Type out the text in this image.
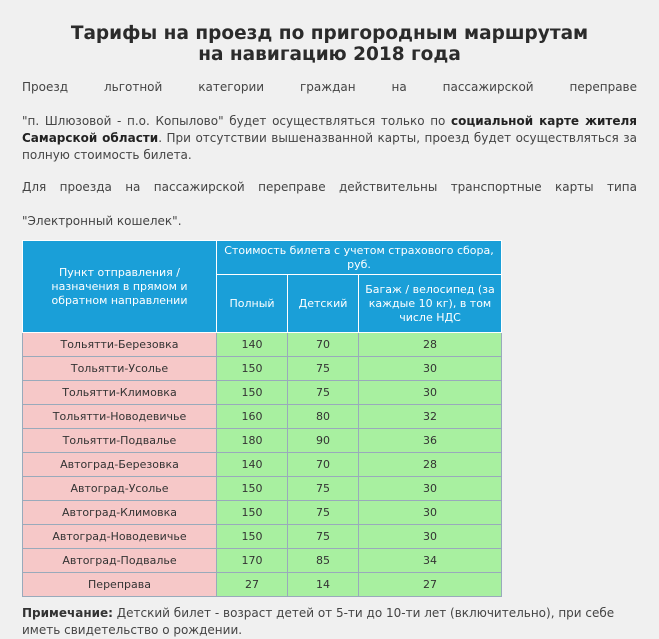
Тарифы на проезд по пригородным маршрутам
на навигацию 2018 года
Проезд льготной категории граждан на пассажирской переправе
"п. Шлюзовой - п.о. Копылово" будет осуществляться только по социальной карте жителя Самарской области. При отсутствии вышеназванной карты, проезд будет осуществляться за полную стоимость билета.
Для проезда на пассажирской переправе действительны транспортные карты типа
"Электронный кошелек".
Пункт отправления / назначения в прямом и обратном направлении	Стоимость билета с учетом страхового сбора, руб.		
	Полный	Детский	Багаж / велосипед (за каждые 10 кг), в том числе НДС
Тольятти-Березовка	140	70	28
Тольятти-Усолье	150	75	30
Тольятти-Климовка	150	75	30
Тольятти-Новодевичье	160	80	32
Тольятти-Подвалье	180	90	36
Автоград-Березовка	140	70	28
Автоград-Усолье	150	75	30
Автоград-Климовка	150	75	30
Автоград-Новодевичье	150	75	30
Автоград-Подвалье	170	85	34
Переправа	27	14	27
Примечание: Детский билет - возраст детей от 5-ти до 10-ти лет (включительно), при себе иметь свидетельство о рождении.
